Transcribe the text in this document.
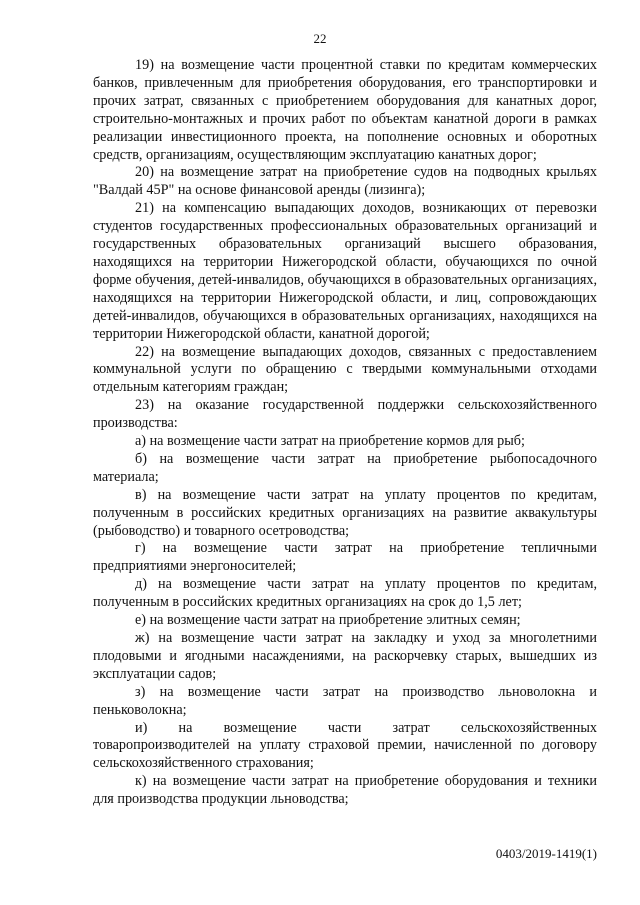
22

19) на возмещение части процентной ставки по кредитам коммерческих банков, привлеченным для приобретения оборудования, его транспортировки и прочих затрат, связанных с приобретением оборудования для канатных дорог, строительно-монтажных и прочих работ по объектам канатной дороги в рамках реализации инвестиционного проекта, на пополнение основных и оборотных средств, организациям, осуществляющим эксплуатацию канатных дорог;

20) на возмещение затрат на приобретение судов на подводных крыльях "Валдай 45Р" на основе финансовой аренды (лизинга);

21) на компенсацию выпадающих доходов, возникающих от перевозки студентов государственных профессиональных образовательных организаций и государственных образовательных организаций высшего образования, находящихся на территории Нижегородской области, обучающихся по очной форме обучения, детей-инвалидов, обучающихся в образовательных организациях, находящихся на территории Нижегородской области, и лиц, сопровождающих детей-инвалидов, обучающихся в образовательных организациях, находящихся на территории Нижегородской области, канатной дорогой;

22) на возмещение выпадающих доходов, связанных с предоставлением коммунальной услуги по обращению с твердыми коммунальными отходами отдельным категориям граждан;

23) на оказание государственной поддержки сельскохозяйственного производства:

а) на возмещение части затрат на приобретение кормов для рыб;

б) на возмещение части затрат на приобретение рыбопосадочного материала;

в) на возмещение части затрат на уплату процентов по кредитам, полученным в российских кредитных организациях на развитие аквакультуры (рыбоводство) и товарного осетроводства;

г) на возмещение части затрат на приобретение тепличными предприятиями энергоносителей;

д) на возмещение части затрат на уплату процентов по кредитам, полученным в российских кредитных организациях на срок до 1,5 лет;

е) на возмещение части затрат на приобретение элитных семян;

ж) на возмещение части затрат на закладку и уход за многолетними плодовыми и ягодными насаждениями, на раскорчевку старых, вышедших из эксплуатации садов;

з) на возмещение части затрат на производство льноволокна и пеньковолокна;

и) на возмещение части затрат сельскохозяйственных товаропроизводителей на уплату страховой премии, начисленной по договору сельскохозяйственного страхования;

к) на возмещение части затрат на приобретение оборудования и техники для производства продукции льноводства;

0403/2019-1419(1)
